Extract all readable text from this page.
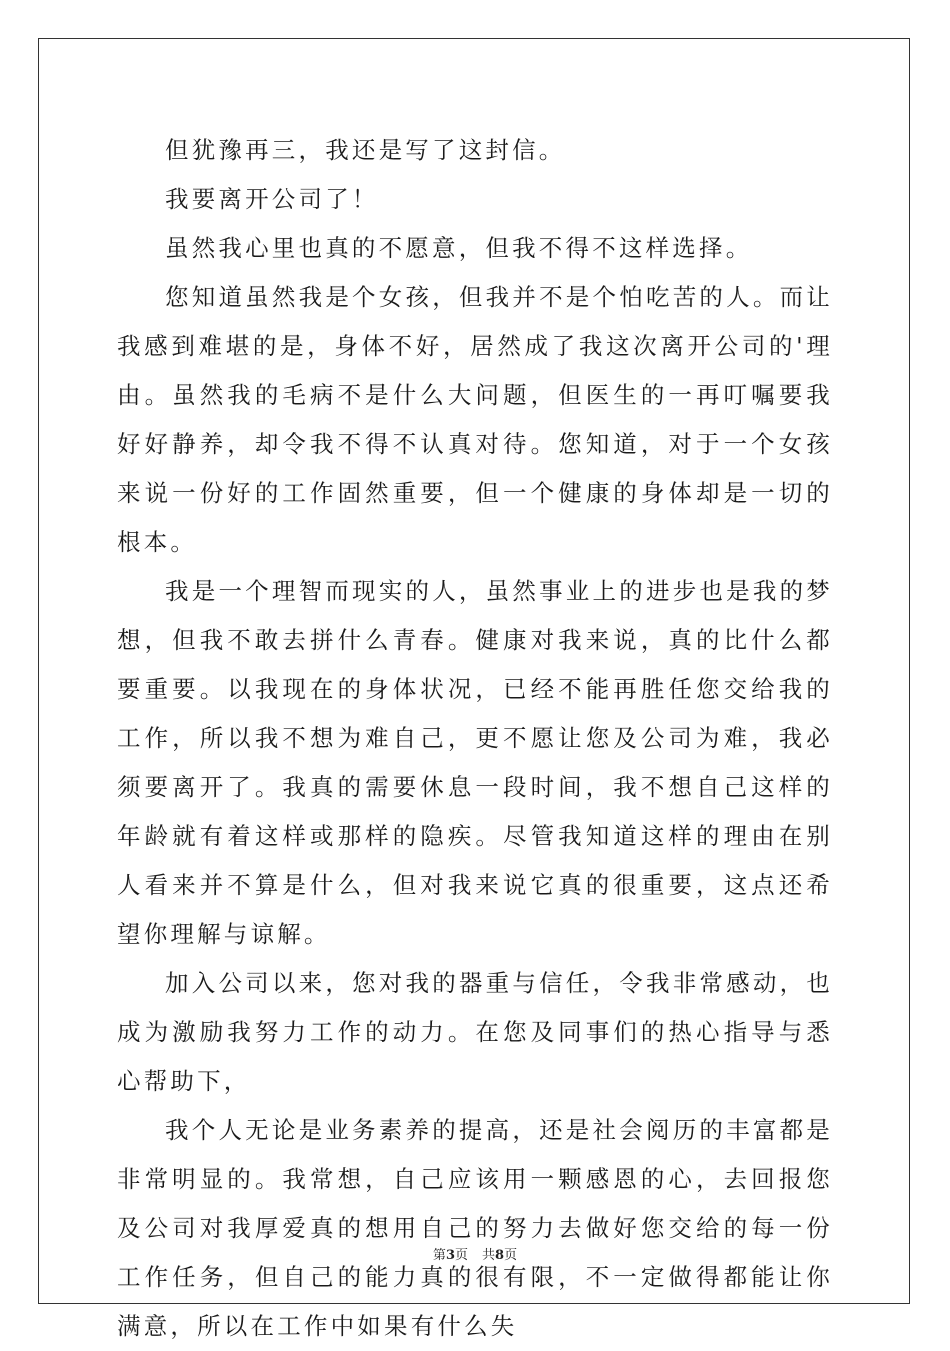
但犹豫再三，我还是写了这封信。

我要离开公司了！

虽然我心里也真的不愿意，但我不得不这样选择。

您知道虽然我是个女孩，但我并不是个怕吃苦的人。而让我感到难堪的是，身体不好，居然成了我这次离开公司的'理由。虽然我的毛病不是什么大问题，但医生的一再叮嘱要我好好静养，却令我不得不认真对待。您知道，对于一个女孩来说一份好的工作固然重要，但一个健康的身体却是一切的根本。

我是一个理智而现实的人，虽然事业上的进步也是我的梦想，但我不敢去拼什么青春。健康对我来说，真的比什么都要重要。以我现在的身体状况，已经不能再胜任您交给我的工作，所以我不想为难自己，更不愿让您及公司为难，我必须要离开了。我真的需要休息一段时间，我不想自己这样的年龄就有着这样或那样的隐疾。尽管我知道这样的理由在别人看来并不算是什么，但对我来说它真的很重要，这点还希望你理解与谅解。

加入公司以来，您对我的器重与信任，令我非常感动，也成为激励我努力工作的动力。在您及同事们的热心指导与悉心帮助下，

我个人无论是业务素养的提高，还是社会阅历的丰富都是非常明显的。我常想，自己应该用一颗感恩的心，去回报您及公司对我厚爱真的想用自己的努力去做好您交给的每一份工作任务，但自己的能力真的很有限，不一定做得都能让你满意，所以在工作中如果有什么失

第3页 共8页
